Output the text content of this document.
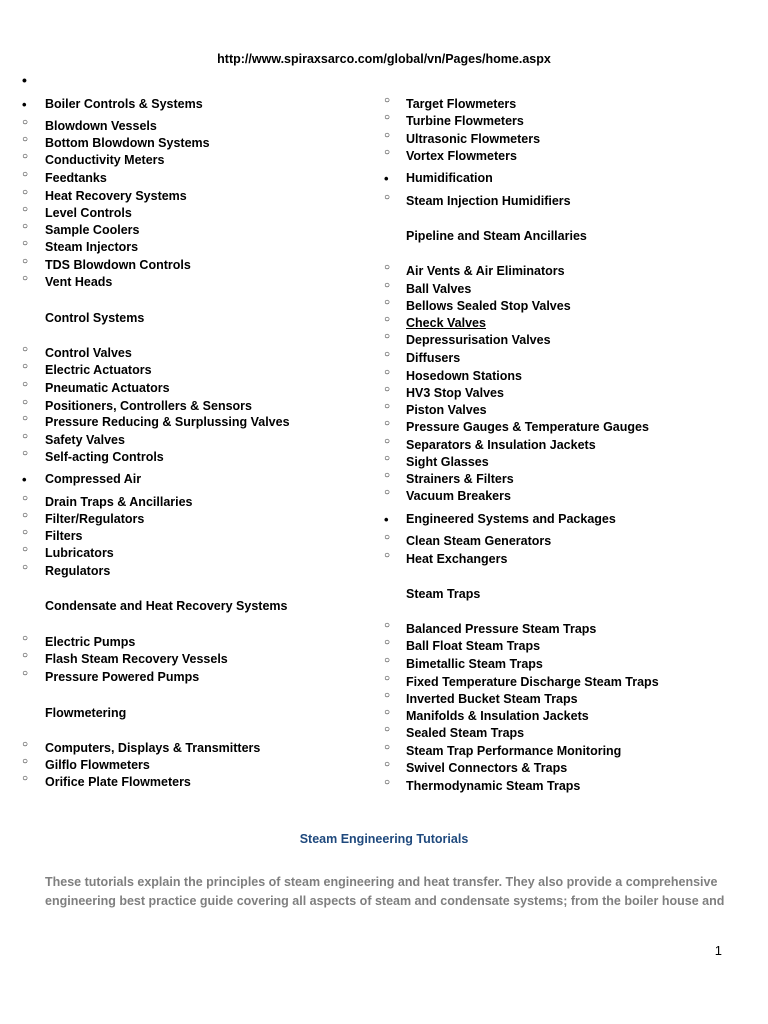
http://www.spiraxsarco.com/global/vn/Pages/home.aspx
•
•	Boiler Controls & Systems
○	Blowdown Vessels
○	Bottom Blowdown Systems
○	Conductivity Meters
○	Feedtanks
○	Heat Recovery Systems
○	Level Controls
○	Sample Coolers
○	Steam Injectors
○	TDS Blowdown Controls
○	Vent Heads
Control Systems
○	Control Valves
○	Electric Actuators
○	Pneumatic Actuators
○	Positioners, Controllers & Sensors
○	Pressure Reducing & Surplussing Valves
○	Safety Valves
○	Self-acting Controls
•	Compressed Air
○	Drain Traps & Ancillaries
○	Filter/Regulators
○	Filters
○	Lubricators
○	Regulators
Condensate and Heat Recovery Systems
○	Electric Pumps
○	Flash Steam Recovery Vessels
○	Pressure Powered Pumps
Flowmetering
○	Computers, Displays & Transmitters
○	Gilflo Flowmeters
○	Orifice Plate Flowmeters
○	Target Flowmeters
○	Turbine Flowmeters
○	Ultrasonic Flowmeters
○	Vortex Flowmeters
•	Humidification
○	Steam Injection Humidifiers
Pipeline and Steam Ancillaries
○	Air Vents & Air Eliminators
○	Ball Valves
○	Bellows Sealed Stop Valves
○	Check Valves
○	Depressurisation Valves
○	Diffusers
○	Hosedown Stations
○	HV3 Stop Valves
○	Piston Valves
○	Pressure Gauges & Temperature Gauges
○	Separators & Insulation Jackets
○	Sight Glasses
○	Strainers & Filters
○	Vacuum Breakers
•	Engineered Systems and Packages
○	Clean Steam Generators
○	Heat Exchangers
Steam Traps
○	Balanced Pressure Steam Traps
○	Ball Float Steam Traps
○	Bimetallic Steam Traps
○	Fixed Temperature Discharge Steam Traps
○	Inverted Bucket Steam Traps
○	Manifolds & Insulation Jackets
○	Sealed Steam Traps
○	Steam Trap Performance Monitoring
○	Swivel Connectors & Traps
○	Thermodynamic Steam Traps
Steam Engineering Tutorials
These tutorials explain the principles of steam engineering and heat transfer. They also provide a comprehensive engineering best practice guide covering all aspects of steam and condensate systems; from the boiler house and
1
